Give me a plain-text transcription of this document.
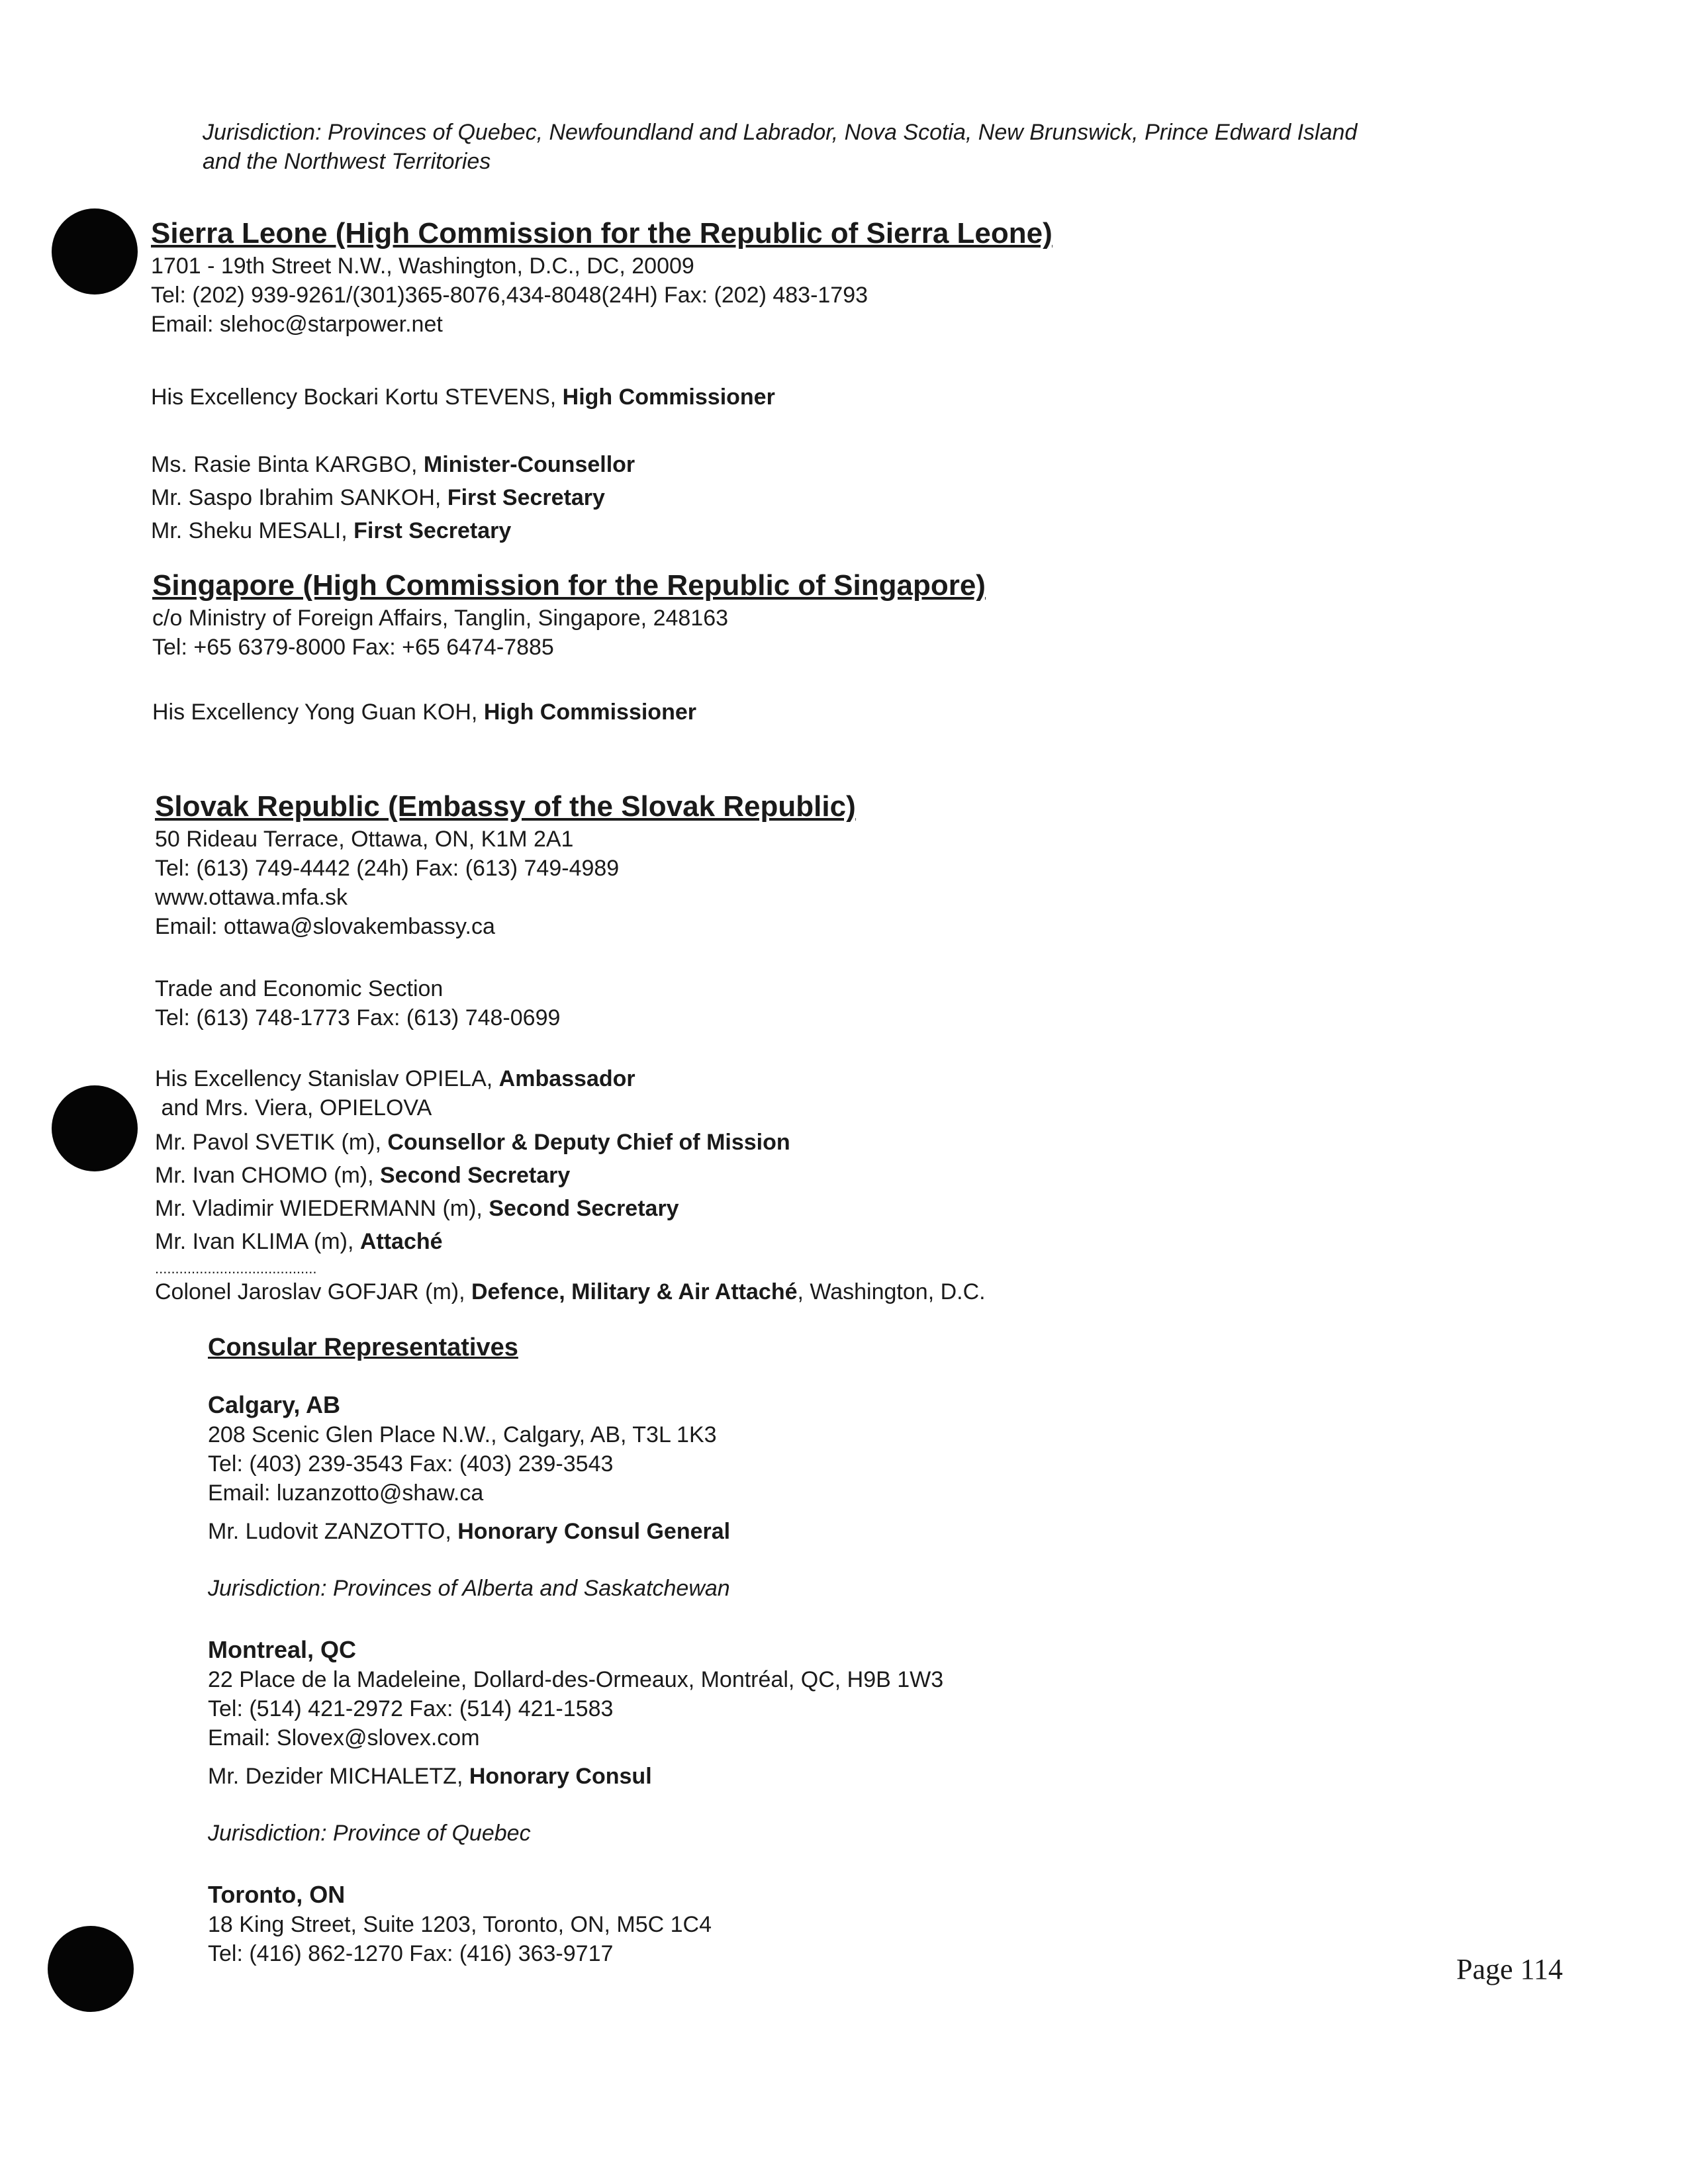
Jurisdiction: Provinces of Quebec, Newfoundland and Labrador, Nova Scotia, New Brunswick, Prince Edward Island
and the Northwest Territories
Sierra Leone (High Commission for the Republic of Sierra Leone)
1701 - 19th Street N.W., Washington, D.C., DC, 20009
Tel: (202) 939-9261/(301)365-8076,434-8048(24H) Fax: (202) 483-1793
Email: slehoc@starpower.net
His Excellency Bockari Kortu STEVENS, High Commissioner
Ms. Rasie Binta KARGBO, Minister-Counsellor
Mr. Saspo Ibrahim SANKOH, First Secretary
Mr. Sheku MESALI, First Secretary
Singapore (High Commission for the Republic of Singapore)
c/o Ministry of Foreign Affairs, Tanglin, Singapore, 248163
Tel: +65 6379-8000 Fax: +65 6474-7885
His Excellency Yong Guan KOH, High Commissioner
Slovak Republic (Embassy of the Slovak Republic)
50 Rideau Terrace, Ottawa, ON, K1M 2A1
Tel: (613) 749-4442 (24h) Fax: (613) 749-4989
www.ottawa.mfa.sk
Email: ottawa@slovakembassy.ca
Trade and Economic Section
Tel: (613) 748-1773 Fax: (613) 748-0699
His Excellency Stanislav OPIELA, Ambassador
and Mrs. Viera, OPIELOVA
Mr. Pavol SVETIK (m), Counsellor & Deputy Chief of Mission
Mr. Ivan CHOMO (m), Second Secretary
Mr. Vladimir WIEDERMANN (m), Second Secretary
Mr. Ivan KLIMA (m), Attaché
........................................
Colonel Jaroslav GOFJAR (m), Defence, Military & Air Attaché, Washington, D.C.
Consular Representatives
Calgary, AB
208 Scenic Glen Place N.W., Calgary, AB, T3L 1K3
Tel: (403) 239-3543 Fax: (403) 239-3543
Email: luzanzotto@shaw.ca
Mr. Ludovit ZANZOTTO, Honorary Consul General
Jurisdiction: Provinces of Alberta and Saskatchewan
Montreal, QC
22 Place de la Madeleine, Dollard-des-Ormeaux, Montréal, QC, H9B 1W3
Tel: (514) 421-2972 Fax: (514) 421-1583
Email: Slovex@slovex.com
Mr. Dezider MICHALETZ, Honorary Consul
Jurisdiction: Province of Quebec
Toronto, ON
18 King Street, Suite 1203, Toronto, ON, M5C 1C4
Tel: (416) 862-1270 Fax: (416) 363-9717	Page 114
